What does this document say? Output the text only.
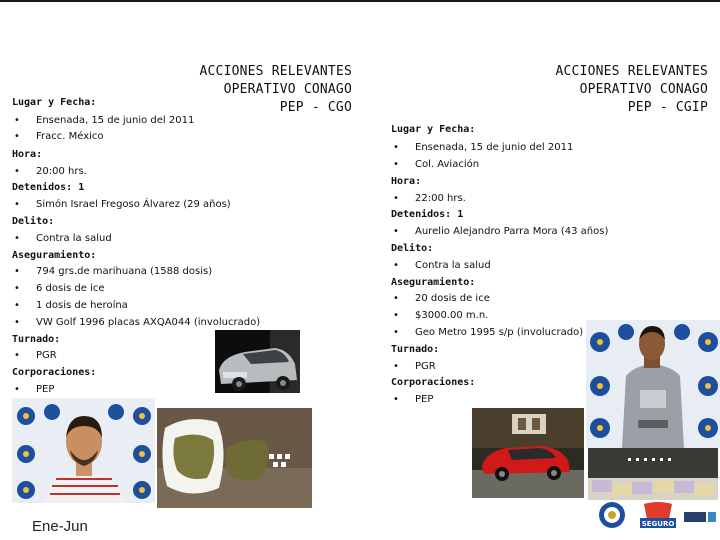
ACCIONES RELEVANTES
OPERATIVO CONAGO
PEP - CGO
Lugar y Fecha:
• Ensenada, 15 de junio del 2011
• Fracc. México
Hora:
• 20:00 hrs.
Detenidos: 1
• Simón Israel Fregoso Álvarez (29 años)
Delito:
• Contra la salud
Aseguramiento:
• 794 grs.de marihuana (1588 dosis)
• 6 dosis de ice
• 1 dosis de heroína
• VW Golf 1996 placas AXQA044 (involucrado)
Turnado:
• PGR
Corporaciones:
• PEP
ACCIONES RELEVANTES
OPERATIVO CONAGO
PEP - CGIP
Lugar y Fecha:
• Ensenada, 15 de junio del 2011
• Col. Aviación
Hora:
• 22:00 hrs.
Detenidos: 1
• Aurelio Alejandro Parra Mora (43 años)
Delito:
• Contra la salud
Aseguramiento:
• 20 dosis de ice
• $3000.00 m.n.
• Geo Metro 1995 s/p (involucrado)
Turnado:
• PGR
Corporaciones:
• PEP
Ene-Jun	SEGURO
